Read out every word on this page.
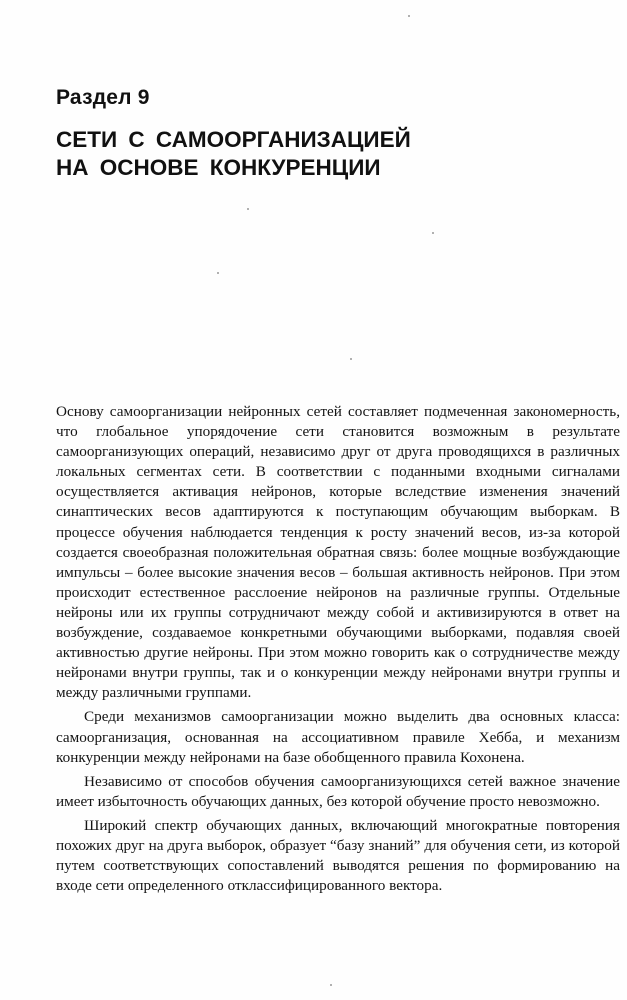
Раздел 9
СЕТИ С САМООРГАНИЗАЦИЕЙ
НА ОСНОВЕ КОНКУРЕНЦИИ

Основу самоорганизации нейронных сетей составляет подмеченная закономерность, что глобальное упорядочение сети становится возможным в результате самоорганизующих операций, независимо друг от друга проводящихся в различных локальных сегментах сети. В соответствии с поданными входными сигналами осуществляется активация нейронов, которые вследствие изменения значений синаптических весов адаптируются к поступающим обучающим выборкам. В процессе обучения наблюдается тенденция к росту значений весов, из-за которой создается своеобразная положительная обратная связь: более мощные возбуждающие импульсы – более высокие значения весов – большая активность нейронов. При этом происходит естественное расслоение нейронов на различные группы. Отдельные нейроны или их группы сотрудничают между собой и активизируются в ответ на возбуждение, создаваемое конкретными обучающими выборками, подавляя своей активностью другие нейроны. При этом можно говорить как о сотрудничестве между нейронами внутри группы, так и о конкуренции между нейронами внутри группы и между различными группами.

Среди механизмов самоорганизации можно выделить два основных класса: самоорганизация, основанная на ассоциативном правиле Хебба, и механизм конкуренции между нейронами на базе обобщенного правила Кохонена.

Независимо от способов обучения самоорганизующихся сетей важное значение имеет избыточность обучающих данных, без которой обучение просто невозможно.

Широкий спектр обучающих данных, включающий многократные повторения похожих друг на друга выборок, образует “базу знаний” для обучения сети, из которой путем соответствующих сопоставлений выводятся решения по формированию на входе сети определенного отклассифицированного вектора.
